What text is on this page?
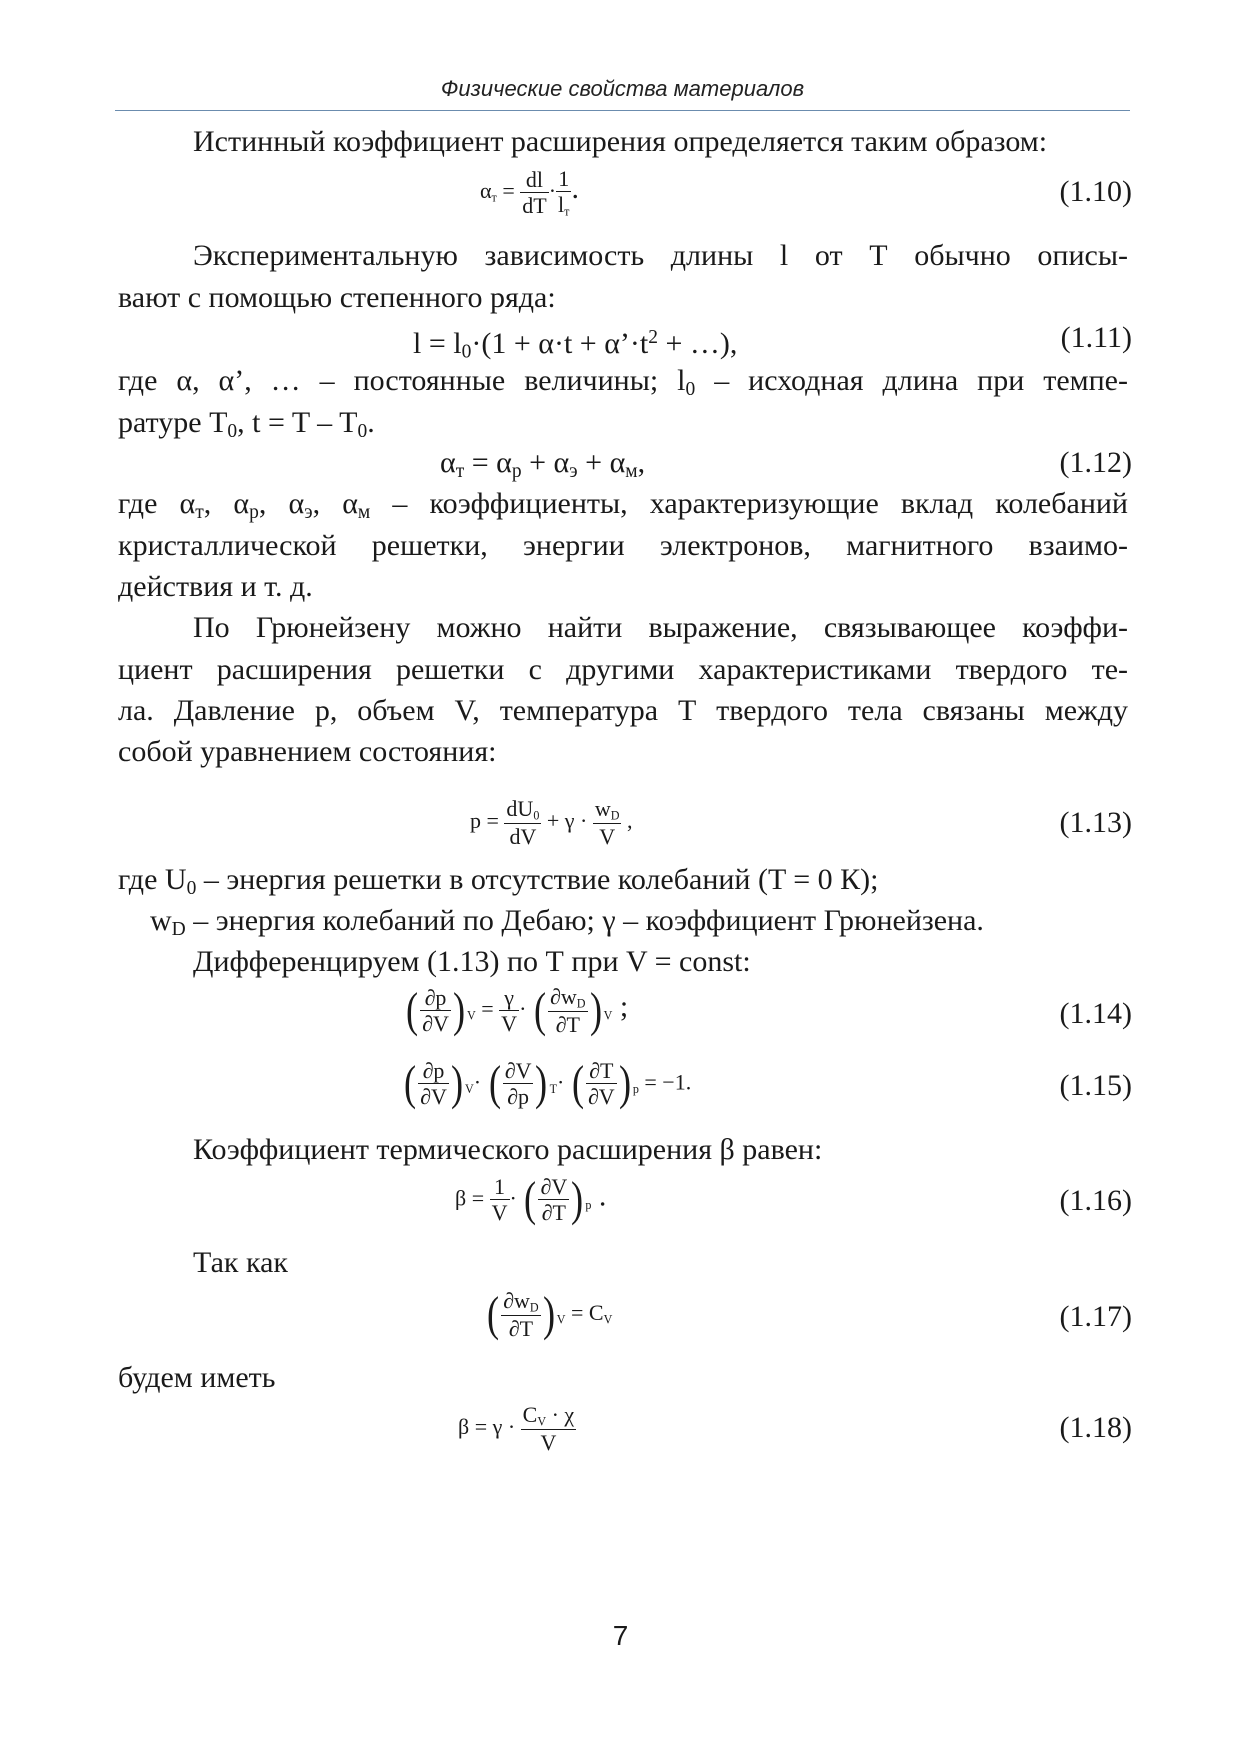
Физические свойства материалов
Истинный коэффициент расширения определяется таким образом:
$\alpha_т = \frac{dl}{dT} \cdot 1$
$l_т$
.	(1.10)
Экспериментальную зависимость длины l от Т обычно описы-
вают с помощью степенного ряда:
$l = l0\cdot(1 + \alpha\cdot t + \alpha’\cdot t^2$ + …),	(1.11)
где α, α’, … – постоянные величины; l0 – исходная длина при темпе-
ратуре T0, t = T – T0.
αт = αр + αэ + αм,	(1.12)
где αт, αр, αэ, αм – коэффициенты, характеризующие вклад колебаний
кристаллической решетки, энергии электронов, магнитного взаимо-
действия и т. д.
По Грюнейзену можно найти выражение, связывающее коэффи-
циент расширения решетки с другими характеристиками твердого те-
ла. Давление р, объем V, температура Т твердого тела связаны между
собой уравнением состояния:
$p = \frac{dU_0}{dV} + \gamma \cdot \frac{w_D}{V}$ ,	(1.13)
где U0 – энергия решетки в отсутствие колебаний (T = 0 К);
wD – энергия колебаний по Дебаю; γ – коэффициент Грюнейзена.
Дифференцируем (1.13) по Т при V = const:
( $\frac{\partial p}{\partial V}$ ) $_V = \frac{\gamma}{V}$ · ( $\frac{\partial w_D}{\partial T}$ ) $_V$ ;	(1.14)
( $\frac{\partial p}{\partial V}$ ) $_V$· ( $\frac{\partial V}{\partial p}$ ) $_T$· ( $\frac{\partial T}{\partial V}$ ) $_p$ = −1.	(1.15)
Коэффициент термического расширения β равен:
$\beta = \frac{1}{V}$ · ( $\frac{\partial V}{\partial T}$ ) $_p$ .	(1.16)
Так как
( $\frac{\partial w_D}{\partial T}$ ) $_V = C_V$	(1.17)
будем иметь
$\beta = \gamma \cdot \frac{C_V \cdot \chi}{V}$	(1.18)
7
